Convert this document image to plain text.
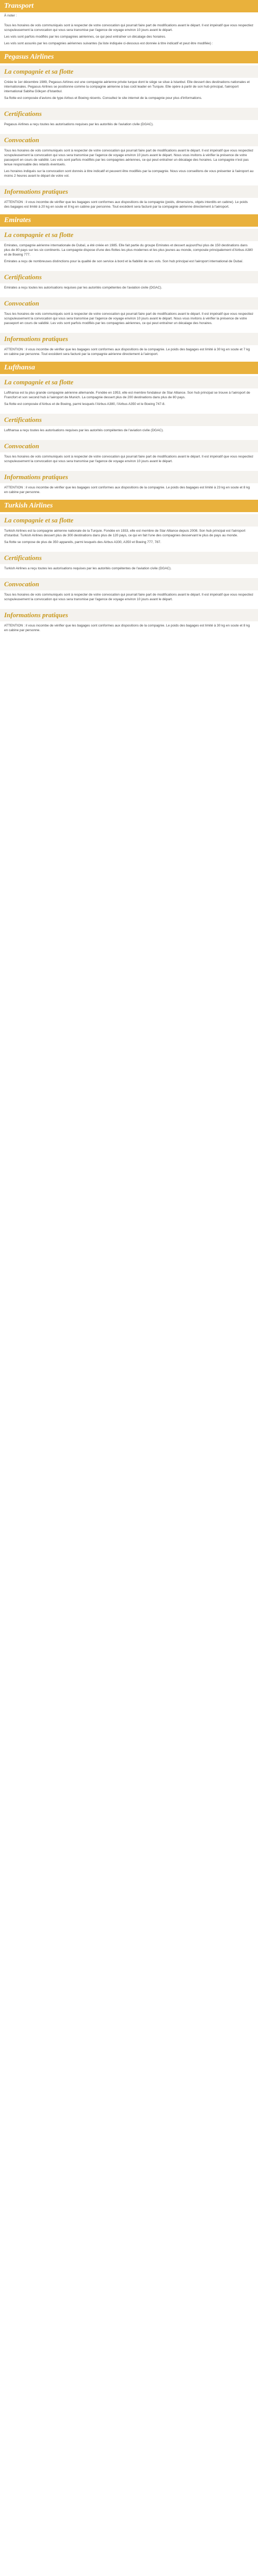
Transport
À noter :

Tous les horaires de vols communiqués sont à respecter de votre convocation qui pourrait faire part de modifications avant le départ. Il est impératif que vous respectiez scrupuleusement la convocation qui vous sera transmise par l'agence de voyage environ 10 jours avant le départ.

Les vols sont parfois modifiés par les compagnies aériennes, ce qui peut entraîner un décalage des horaires.

Les vols sont assurés par les compagnies aériennes suivantes (la liste indiquée ci-dessous est donnée à titre indicatif et peut être modifiée) :

Pegasus Airlines
La compagnie et sa flotte

Créée le 1er décembre 1989, Pegasus Airlines est une compagnie aérienne privée turque dont le siège se situe à Istanbul. Elle dessert des destinations nationales et internationales. Pegasus Airlines se positionne comme la compagnie aérienne à bas coût leader en Turquie. Elle opère à partir de son hub principal, l'aéroport international Sabiha Gökçen d'Istanbul.

Sa flotte est composée d'avions de type Airbus et Boeing récents. Consultez le site internet de la compagnie pour plus d'informations.

Certifications

Pegasus Airlines a reçu toutes les autorisations requises par les autorités de l'aviation civile (DGAC).

Convocation

Tous les horaires de vols communiqués sont à respecter de votre convocation qui pourrait faire part de modifications avant le départ. Il est impératif que vous respectiez scrupuleusement la convocation qui vous sera transmise par l'agence de voyage environ 10 jours avant le départ. Nous vous invitons à vérifier la présence de votre passeport en cours de validité. Les vols sont parfois modifiés par les compagnies aériennes, ce qui peut entraîner un décalage des horaires. La compagnie n'est pas tenue responsable des retards éventuels.

Les horaires indiqués sur la convocation sont donnés à titre indicatif et peuvent être modifiés par la compagnie. Nous vous conseillons de vous présenter à l'aéroport au moins 2 heures avant le départ de votre vol.

Informations pratiques

ATTENTION : il vous incombe de vérifier que les bagages sont conformes aux dispositions de la compagnie (poids, dimensions, objets interdits en cabine). Le poids des bagages est limité à 20 kg en soute et 8 kg en cabine par personne. Tout excédent sera facturé par la compagnie aérienne directement à l'aéroport.

Emirates
La compagnie et sa flotte

Emirates, compagnie aérienne internationale de Dubaï, a été créée en 1985. Elle fait partie du groupe Emirates et dessert aujourd'hui plus de 150 destinations dans plus de 80 pays sur les six continents. La compagnie dispose d'une des flottes les plus modernes et les plus jeunes au monde, composée principalement d'Airbus A380 et de Boeing 777.

Emirates a reçu de nombreuses distinctions pour la qualité de son service à bord et la fiabilité de ses vols. Son hub principal est l'aéroport international de Dubaï.

Certifications

Emirates a reçu toutes les autorisations requises par les autorités compétentes de l'aviation civile (DGAC).

Convocation

Tous les horaires de vols communiqués sont à respecter de votre convocation qui pourrait faire part de modifications avant le départ. Il est impératif que vous respectiez scrupuleusement la convocation qui vous sera transmise par l'agence de voyage environ 10 jours avant le départ. Nous vous invitons à vérifier la présence de votre passeport en cours de validité. Les vols sont parfois modifiés par les compagnies aériennes, ce qui peut entraîner un décalage des horaires.

Informations pratiques

ATTENTION : il vous incombe de vérifier que les bagages sont conformes aux dispositions de la compagnie. Le poids des bagages est limité à 30 kg en soute et 7 kg en cabine par personne. Tout excédent sera facturé par la compagnie aérienne directement à l'aéroport.

Lufthansa
La compagnie et sa flotte

Lufthansa est la plus grande compagnie aérienne allemande. Fondée en 1953, elle est membre fondateur de Star Alliance. Son hub principal se trouve à l'aéroport de Francfort et son second hub à l'aéroport de Munich. La compagnie dessert plus de 200 destinations dans plus de 80 pays.

Sa flotte est composée d'Airbus et de Boeing, parmi lesquels l'Airbus A380, l'Airbus A350 et le Boeing 747-8.

Certifications

Lufthansa a reçu toutes les autorisations requises par les autorités compétentes de l'aviation civile (DGAC).

Convocation

Tous les horaires de vols communiqués sont à respecter de votre convocation qui pourrait faire part de modifications avant le départ. Il est impératif que vous respectiez scrupuleusement la convocation qui vous sera transmise par l'agence de voyage environ 10 jours avant le départ.

Informations pratiques

ATTENTION : il vous incombe de vérifier que les bagages sont conformes aux dispositions de la compagnie. Le poids des bagages est limité à 23 kg en soute et 8 kg en cabine par personne.

Turkish Airlines
La compagnie et sa flotte

Turkish Airlines est la compagnie aérienne nationale de la Turquie. Fondée en 1933, elle est membre de Star Alliance depuis 2008. Son hub principal est l'aéroport d'Istanbul. Turkish Airlines dessert plus de 300 destinations dans plus de 120 pays, ce qui en fait l'une des compagnies desservant le plus de pays au monde.

Sa flotte se compose de plus de 350 appareils, parmi lesquels des Airbus A330, A350 et Boeing 777, 787.

Certifications

Turkish Airlines a reçu toutes les autorisations requises par les autorités compétentes de l'aviation civile (DGAC).

Convocation

Tous les horaires de vols communiqués sont à respecter de votre convocation qui pourrait faire part de modifications avant le départ. Il est impératif que vous respectiez scrupuleusement la convocation qui vous sera transmise par l'agence de voyage environ 10 jours avant le départ.

Informations pratiques

ATTENTION : il vous incombe de vérifier que les bagages sont conformes aux dispositions de la compagnie. Le poids des bagages est limité à 30 kg en soute et 8 kg en cabine par personne.
